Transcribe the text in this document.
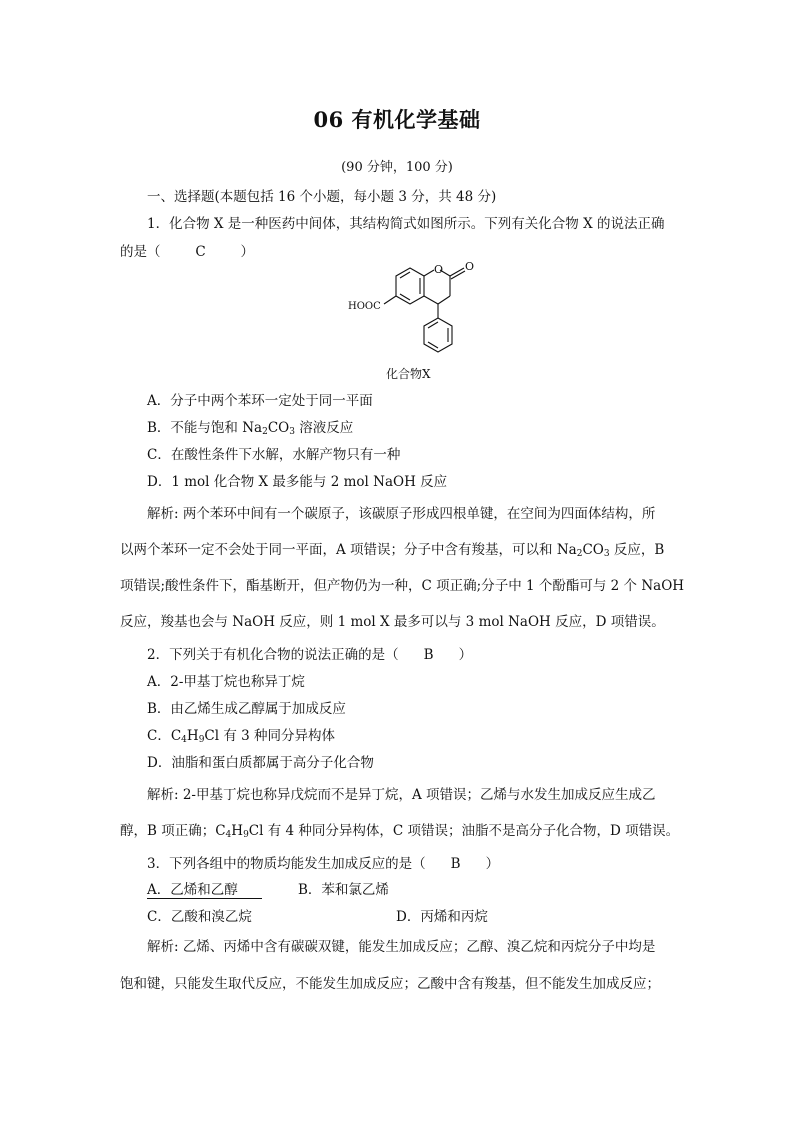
06 有机化学基础
(90 分钟，100 分)
一、选择题(本题包括 16 个小题，每小题 3 分，共 48 分)
1．化合物 X 是一种医药中间体，其结构简式如图所示。下列有关化合物 X 的说法正确
的是（	C	）
O O
HOOC
化合物X
A．分子中两个苯环一定处于同一平面
B．不能与饱和 $Na_2CO_3$ 溶液反应
C．在酸性条件下水解，水解产物只有一种
D．1 mol 化合物 X 最多能与 2 mol NaOH 反应
解析: 两个苯环中间有一个碳原子，该碳原子形成四根单键，在空间为四面体结构，所
以两个苯环一定不会处于同一平面，A 项错误；分子中含有羧基，可以和 $Na_2CO_3$ 反应，B
项错误;酸性条件下，酯基断开，但产物仍为一种，C 项正确;分子中 1 个酚酯可与 2 个 NaOH
反应，羧基也会与 NaOH 反应，则 1 mol X 最多可以与 3 mol NaOH 反应，D 项错误。
2．下列关于有机化合物的说法正确的是（ B ）
A．2-甲基丁烷也称异丁烷
B．由乙烯生成乙醇属于加成反应
C．$C_4H_9Cl$ 有 3 种同分异构体
D．油脂和蛋白质都属于高分子化合物
解析: 2-甲基丁烷也称异戊烷而不是异丁烷，A 项错误；乙烯与水发生加成反应生成乙
醇，B 项正确；$C_4H_9Cl$ 有 4 种同分异构体，C 项错误；油脂不是高分子化合物，D 项错误。
3．下列各组中的物质均能发生加成反应的是（ B ）
A．乙烯和乙醇	B．苯和氯乙烯
C．乙酸和溴乙烷	D．丙烯和丙烷
解析: 乙烯、丙烯中含有碳碳双键，能发生加成反应；乙醇、溴乙烷和丙烷分子中均是
饱和键，只能发生取代反应，不能发生加成反应；乙酸中含有羧基，但不能发生加成反应；
